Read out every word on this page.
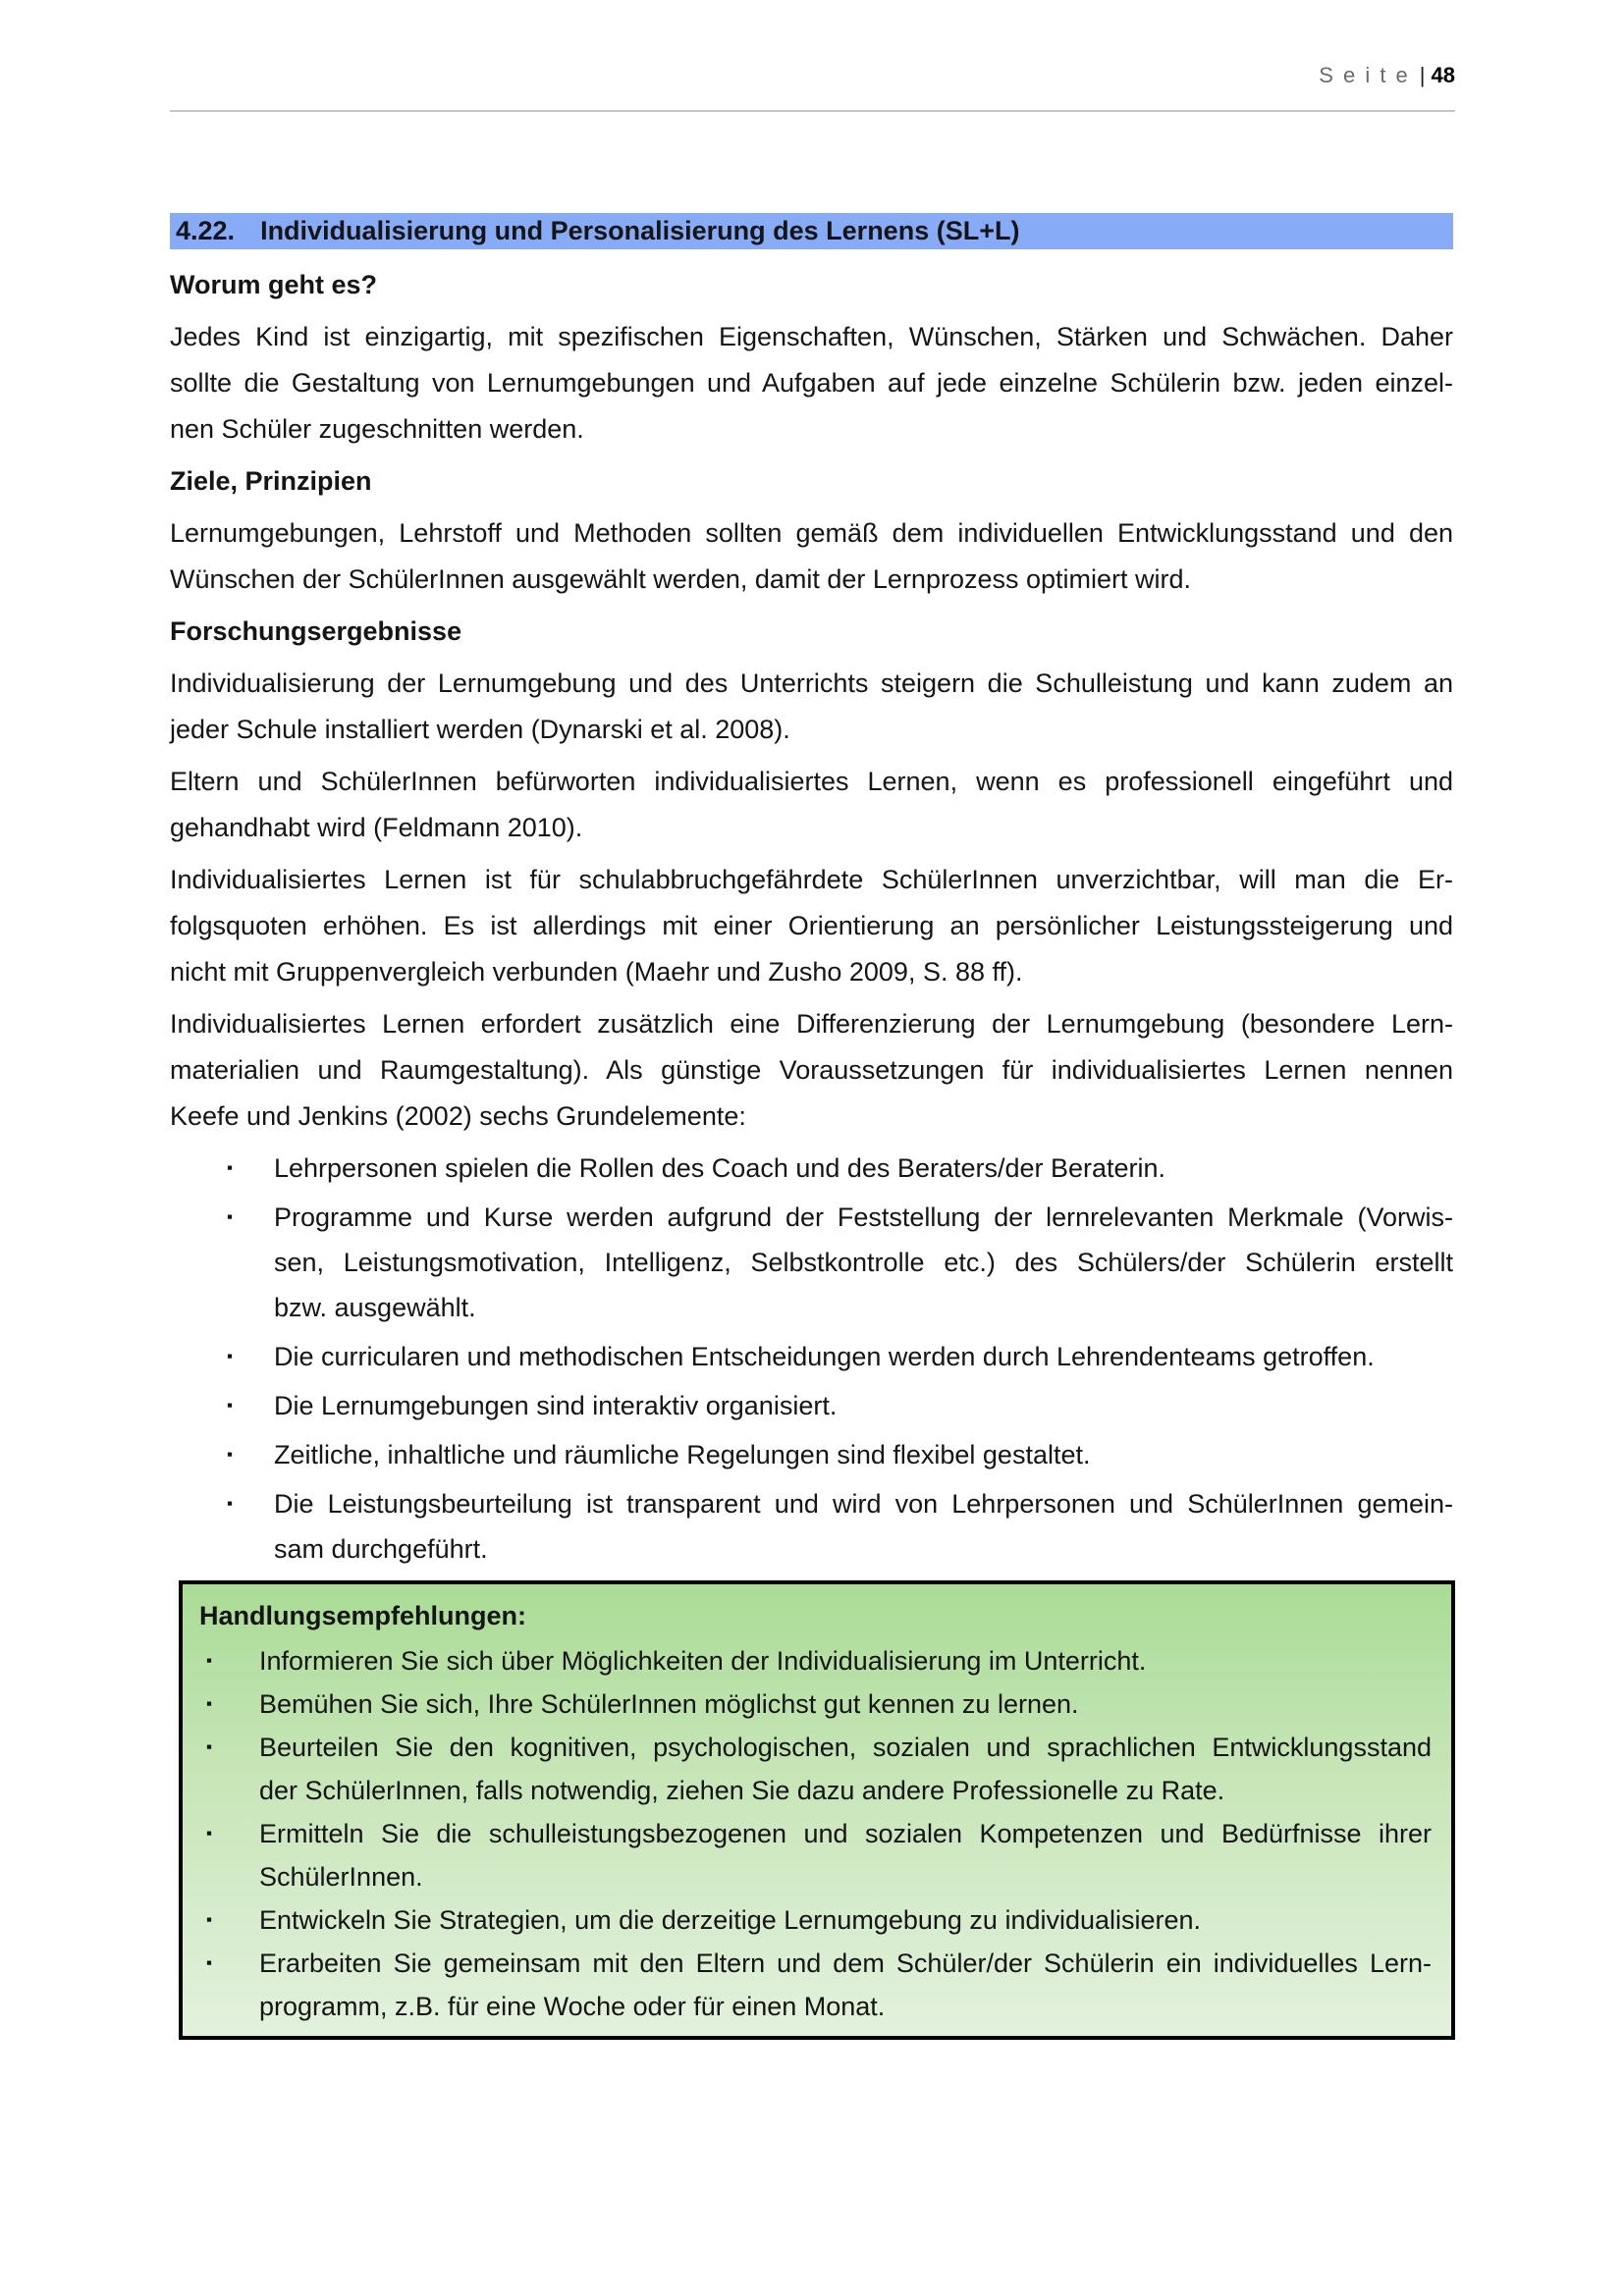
S e i t e | 48
4.22. Individualisierung und Personalisierung des Lernens (SL+L)
Worum geht es?
Jedes Kind ist einzigartig, mit spezifischen Eigenschaften, Wünschen, Stärken und Schwächen. Daher
sollte die Gestaltung von Lernumgebungen und Aufgaben auf jede einzelne Schülerin bzw. jeden einzel-
nen Schüler zugeschnitten werden.
Ziele, Prinzipien
Lernumgebungen, Lehrstoff und Methoden sollten gemäß dem individuellen Entwicklungsstand und den
Wünschen der SchülerInnen ausgewählt werden, damit der Lernprozess optimiert wird.
Forschungsergebnisse
Individualisierung der Lernumgebung und des Unterrichts steigern die Schulleistung und kann zudem an
jeder Schule installiert werden (Dynarski et al. 2008).
Eltern und SchülerInnen befürworten individualisiertes Lernen, wenn es professionell eingeführt und
gehandhabt wird (Feldmann 2010).
Individualisiertes Lernen ist für schulabbruchgefährdete SchülerInnen unverzichtbar, will man die Er-
folgsquoten erhöhen. Es ist allerdings mit einer Orientierung an persönlicher Leistungssteigerung und
nicht mit Gruppenvergleich verbunden (Maehr und Zusho 2009, S. 88 ff).
Individualisiertes Lernen erfordert zusätzlich eine Differenzierung der Lernumgebung (besondere Lern-
materialien und Raumgestaltung). Als günstige Voraussetzungen für individualisiertes Lernen nennen
Keefe und Jenkins (2002) sechs Grundelemente:
▪ Lehrpersonen spielen die Rollen des Coach und des Beraters/der Beraterin.
▪ Programme und Kurse werden aufgrund der Feststellung der lernrelevanten Merkmale (Vorwis-
sen, Leistungsmotivation, Intelligenz, Selbstkontrolle etc.) des Schülers/der Schülerin erstellt
bzw. ausgewählt.
▪ Die curricularen und methodischen Entscheidungen werden durch Lehrendenteams getroffen.
▪ Die Lernumgebungen sind interaktiv organisiert.
▪ Zeitliche, inhaltliche und räumliche Regelungen sind flexibel gestaltet.
▪ Die Leistungsbeurteilung ist transparent und wird von Lehrpersonen und SchülerInnen gemein-
sam durchgeführt.
Handlungsempfehlungen:
▪ Informieren Sie sich über Möglichkeiten der Individualisierung im Unterricht.
▪ Bemühen Sie sich, Ihre SchülerInnen möglichst gut kennen zu lernen.
▪ Beurteilen Sie den kognitiven, psychologischen, sozialen und sprachlichen Entwicklungsstand
der SchülerInnen, falls notwendig, ziehen Sie dazu andere Professionelle zu Rate.
▪ Ermitteln Sie die schulleistungsbezogenen und sozialen Kompetenzen und Bedürfnisse ihrer
SchülerInnen.
▪ Entwickeln Sie Strategien, um die derzeitige Lernumgebung zu individualisieren.
▪ Erarbeiten Sie gemeinsam mit den Eltern und dem Schüler/der Schülerin ein individuelles Lern-
programm, z.B. für eine Woche oder für einen Monat.
